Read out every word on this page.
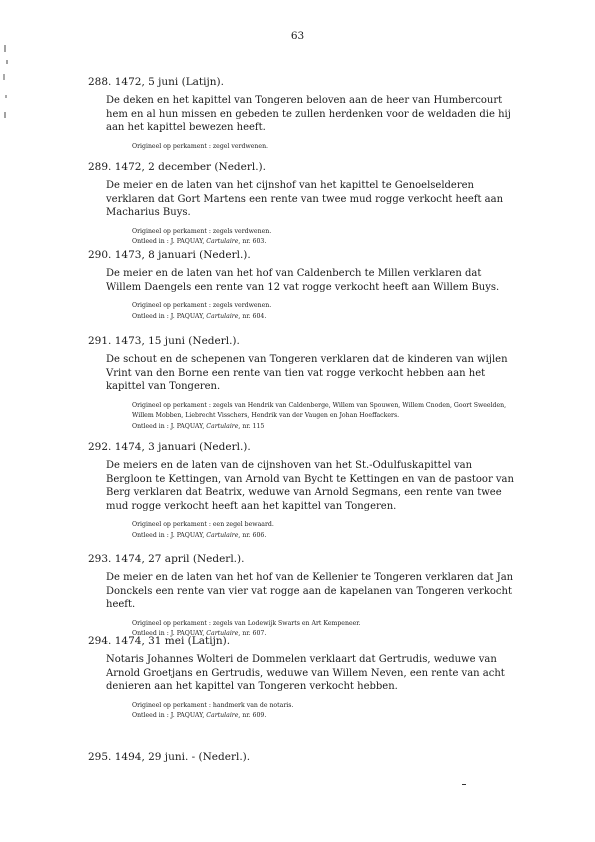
63

288. 1472, 5 juni (Latijn).

De deken en het kapittel van Tongeren beloven aan de heer van Humbercourt hem en al hun missen en gebeden te zullen herdenken voor de weldaden die hij aan het kapittel bewezen heeft.

Origineel op perkament : zegel verdwenen.

289. 1472, 2 december (Nederl.).

De meier en de laten van het cijnshof van het kapittel te Genoelselderen verklaren dat Gort Martens een rente van twee mud rogge verkocht heeft aan Macharius Buys.

Origineel op perkament : zegels verdwenen.
Ontleed in : J. PAQUAY, Cartulaire, nr. 603.

290. 1473, 8 januari (Nederl.).

De meier en de laten van het hof van Caldenberch te Millen verklaren dat Willem Daengels een rente van 12 vat rogge verkocht heeft aan Willem Buys.

Origineel op perkament : zegels verdwenen.
Ontleed in : J. PAQUAY, Cartulaire, nr. 604.

291. 1473, 15 juni (Nederl.).

De schout en de schepenen van Tongeren verklaren dat de kinderen van wijlen Vrint van den Borne een rente van tien vat rogge verkocht hebben aan het kapittel van Tongeren.

Origineel op perkament : zegels van Hendrik van Caldenberge, Willem van Spouwen, Willem Cnoden, Goort Sweelden, Willem Mobben, Liebrecht Visschers, Hendrik van der Vaugen en Johan Hoeffackers.
Ontleed in : J. PAQUAY, Cartulaire, nr. 115

292. 1474, 3 januari (Nederl.).

De meiers en de laten van de cijnshoven van het St.-Odulfuskapittel van Bergloon te Kettingen, van Arnold van Bycht te Kettingen en van de pastoor van Berg verklaren dat Beatrix, weduwe van Arnold Segmans, een rente van twee mud rogge verkocht heeft aan het kapittel van Tongeren.

Origineel op perkament : een zegel bewaard.
Ontleed in : J. PAQUAY, Cartulaire, nr. 606.

293. 1474, 27 april (Nederl.).

De meier en de laten van het hof van de Kellenier te Tongeren verklaren dat Jan Donckels een rente van vier vat rogge aan de kapelanen van Tongeren verkocht heeft.

Origineel op perkament : zegels van Lodewijk Swarts en Art Kempeneer.
Ontleed in : J. PAQUAY, Cartulaire, nr. 607.

294. 1474, 31 mei (Latijn).

Notaris Johannes Wolteri de Dommelen verklaart dat Gertrudis, weduwe van Arnold Groetjans en Gertrudis, weduwe van Willem Neven, een rente van acht denieren aan het kapittel van Tongeren verkocht hebben.

Origineel op perkament : handmerk van de notaris.
Ontleed in : J. PAQUAY, Cartulaire, nr. 609.

295. 1494, 29 juni. - (Nederl.).
